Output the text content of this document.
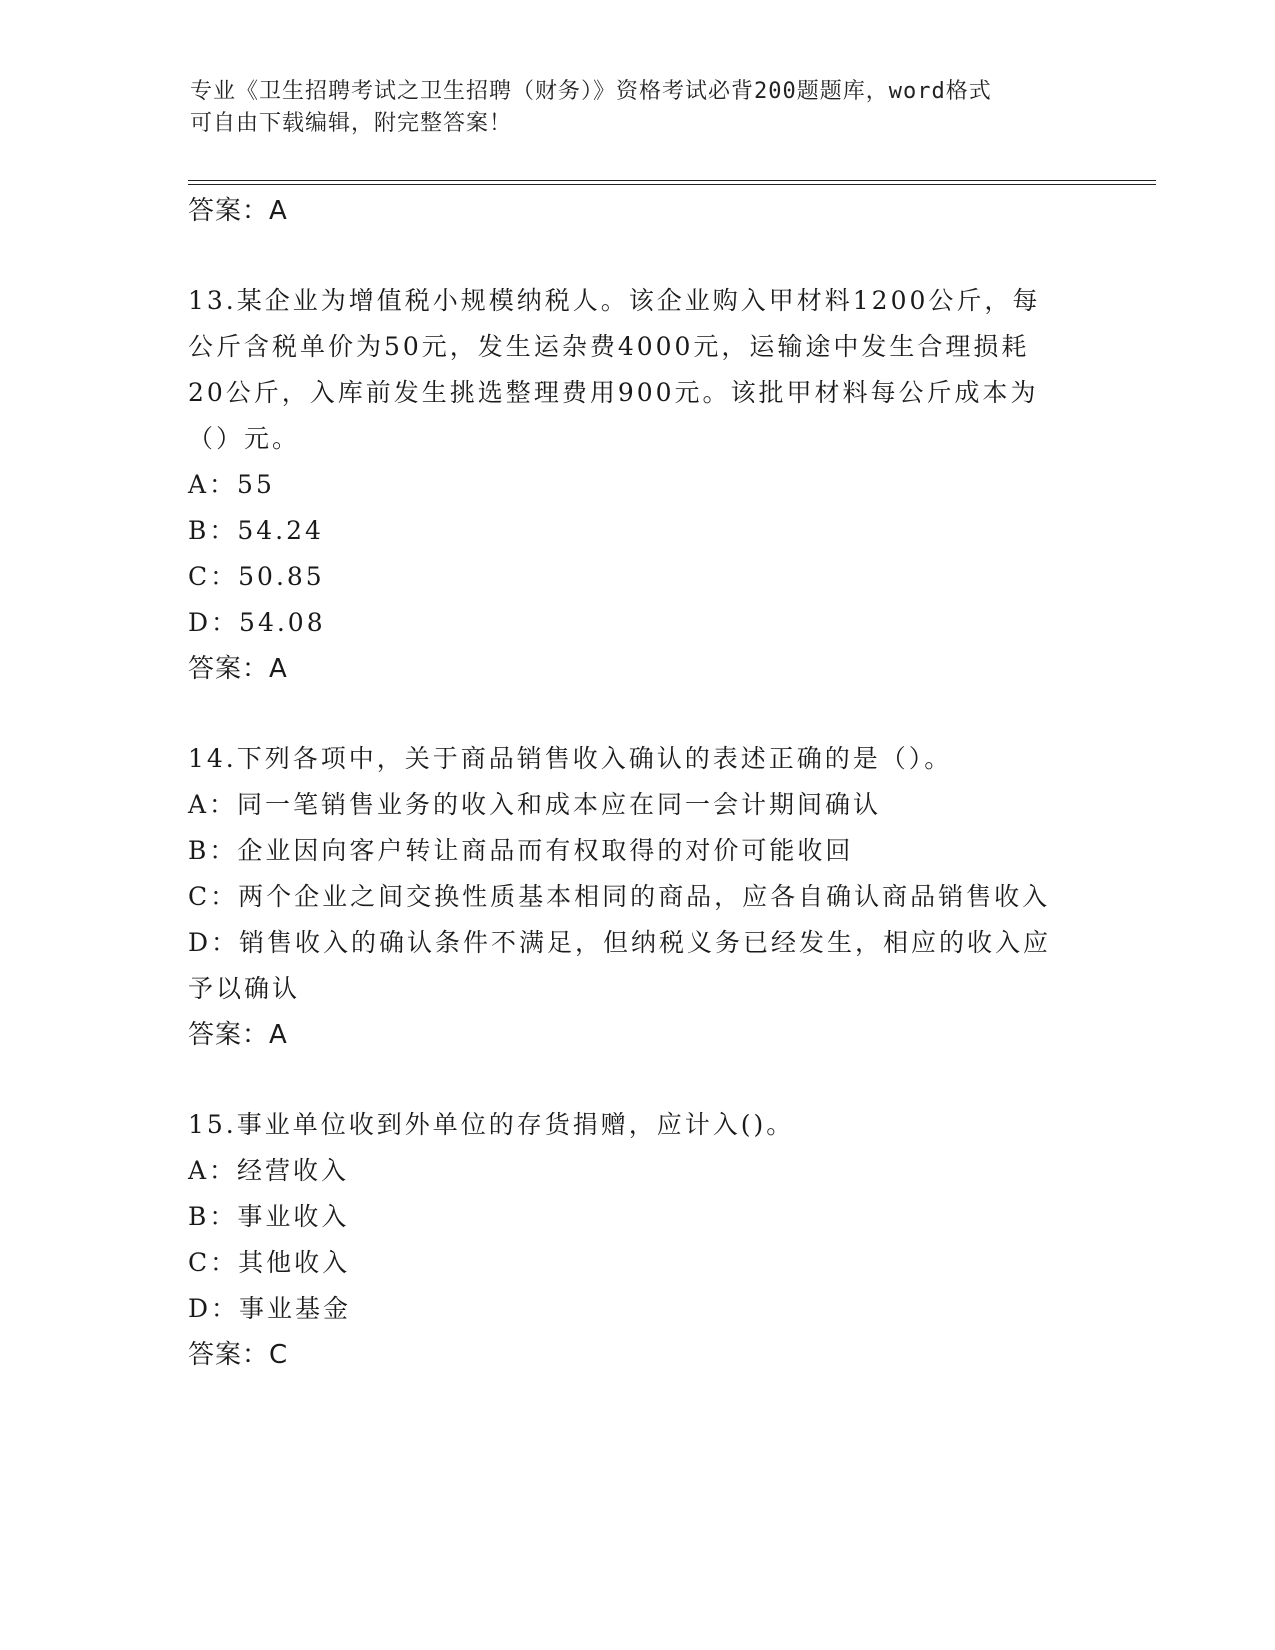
专业《卫生招聘考试之卫生招聘（财务）》资格考试必背200题题库，word格式
可自由下载编辑，附完整答案！
答案：A
13.某企业为增值税小规模纳税人。该企业购入甲材料1200公斤，每
公斤含税单价为50元，发生运杂费4000元，运输途中发生合理损耗
20公斤，入库前发生挑选整理费用900元。该批甲材料每公斤成本为
（）元。
A：55
B：54.24
C：50.85
D：54.08
答案：A
14.下列各项中，关于商品销售收入确认的表述正确的是（）。
A：同一笔销售业务的收入和成本应在同一会计期间确认
B：企业因向客户转让商品而有权取得的对价可能收回
C：两个企业之间交换性质基本相同的商品，应各自确认商品销售收入
D：销售收入的确认条件不满足，但纳税义务已经发生，相应的收入应
予以确认
答案：A
15.事业单位收到外单位的存货捐赠，应计入()。
A：经营收入
B：事业收入
C：其他收入
D：事业基金
答案：C
